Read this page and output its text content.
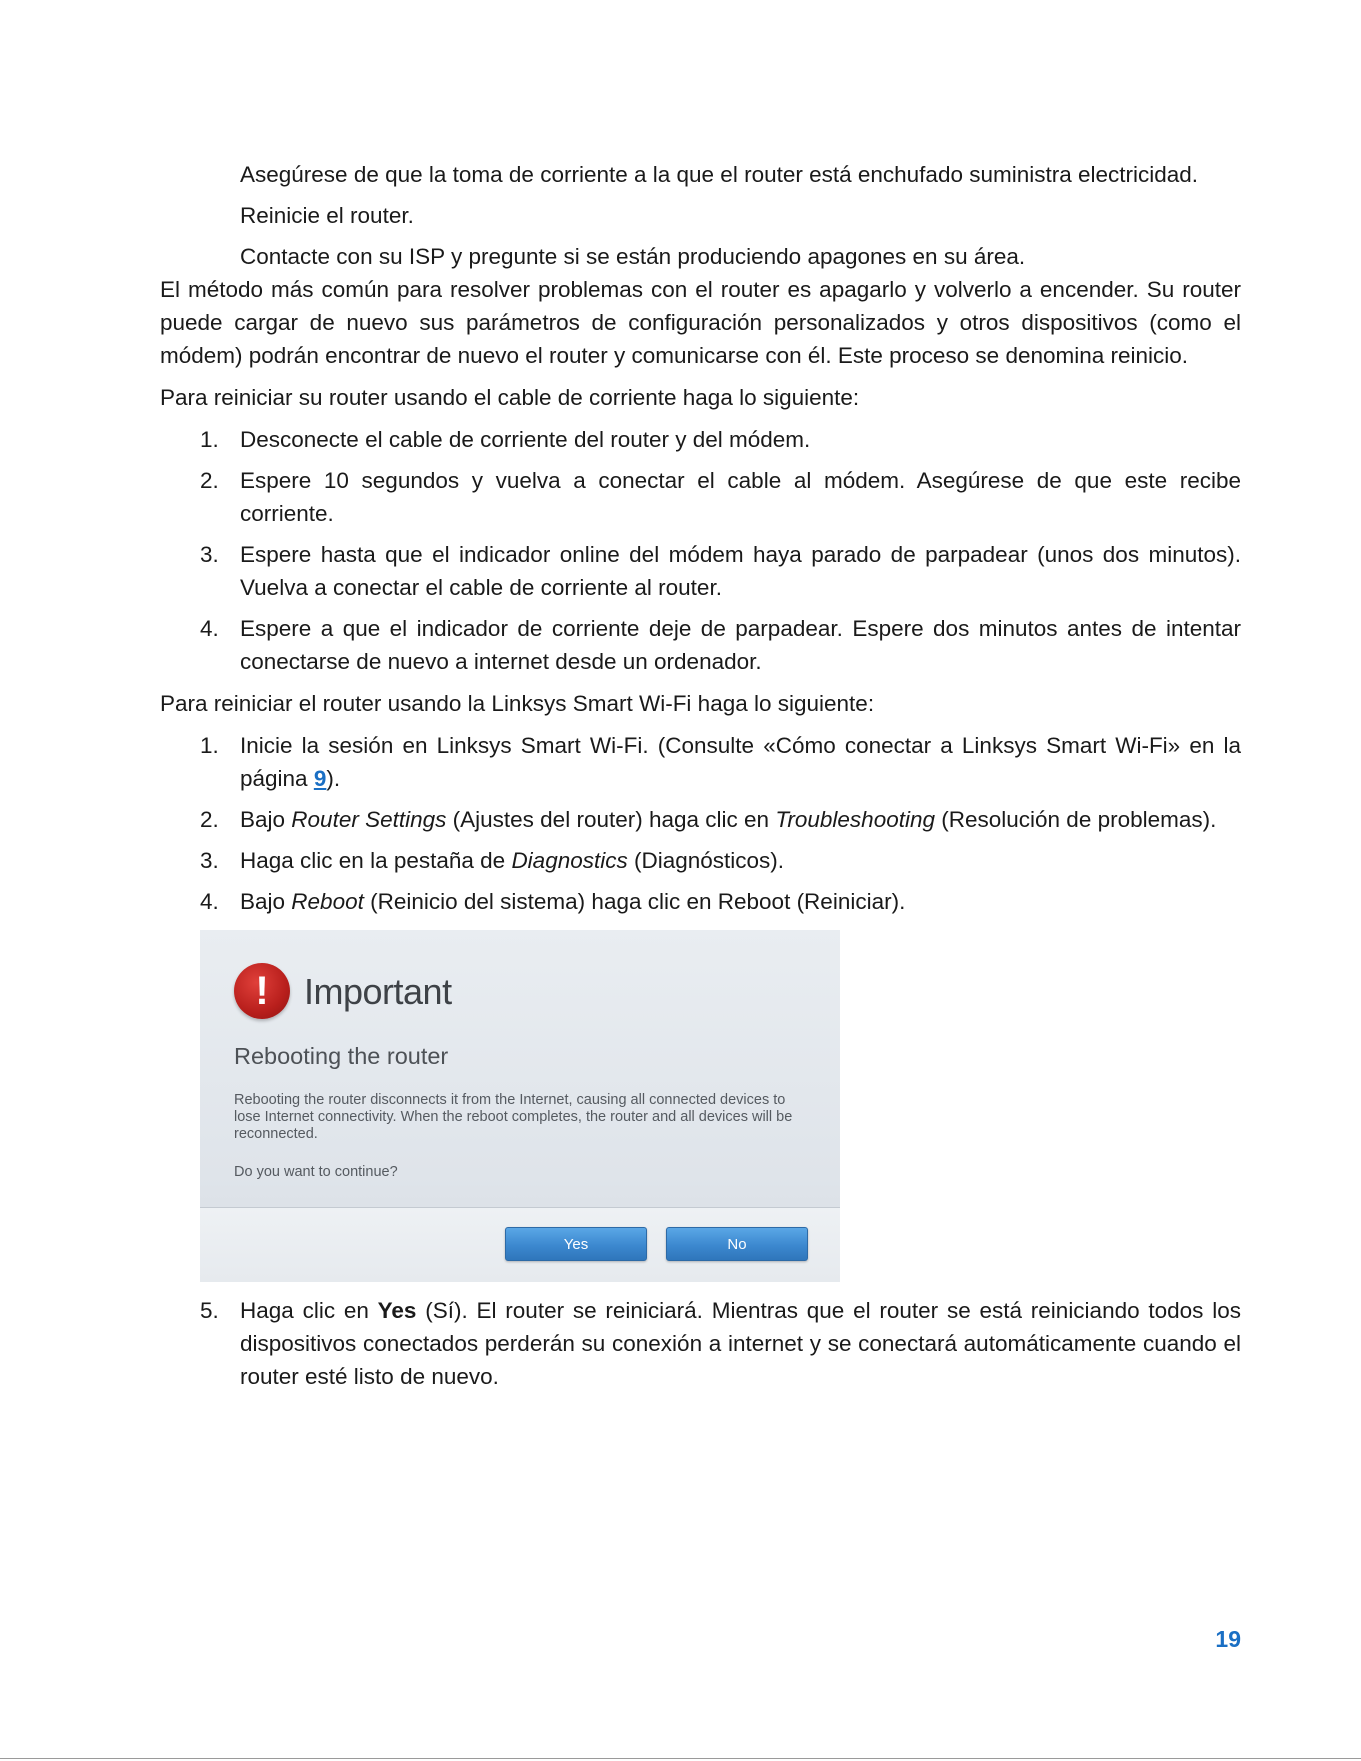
Asegúrese de que la toma de corriente a la que el router está enchufado suministra electricidad.
Reinicie el router.
Contacte con su ISP y pregunte si se están produciendo apagones en su área.

El método más común para resolver problemas con el router es apagarlo y volverlo a encender. Su router puede cargar de nuevo sus parámetros de configuración personalizados y otros dispositivos (como el módem) podrán encontrar de nuevo el router y comunicarse con él. Este proceso se denomina reinicio.

Para reiniciar su router usando el cable de corriente haga lo siguiente:

1. Desconecte el cable de corriente del router y del módem.
2. Espere 10 segundos y vuelva a conectar el cable al módem. Asegúrese de que este recibe corriente.
3. Espere hasta que el indicador online del módem haya parado de parpadear (unos dos minutos). Vuelva a conectar el cable de corriente al router.
4. Espere a que el indicador de corriente deje de parpadear. Espere dos minutos antes de intentar conectarse de nuevo a internet desde un ordenador.

Para reiniciar el router usando la Linksys Smart Wi-Fi haga lo siguiente:

1. Inicie la sesión en Linksys Smart Wi-Fi. (Consulte «Cómo conectar a Linksys Smart Wi-Fi» en la página 9).
2. Bajo Router Settings (Ajustes del router) haga clic en Troubleshooting (Resolución de problemas).
3. Haga clic en la pestaña de Diagnostics (Diagnósticos).
4. Bajo Reboot (Reinicio del sistema) haga clic en Reboot (Reiniciar).
! Important
Rebooting the router
Rebooting the router disconnects it from the Internet, causing all connected devices to lose Internet connectivity. When the reboot completes, the router and all devices will be reconnected.
Do you want to continue?
Yes	No
5. Haga clic en Yes (Sí). El router se reiniciará. Mientras que el router se está reiniciando todos los dispositivos conectados perderán su conexión a internet y se conectará automáticamente cuando el router esté listo de nuevo.
19
